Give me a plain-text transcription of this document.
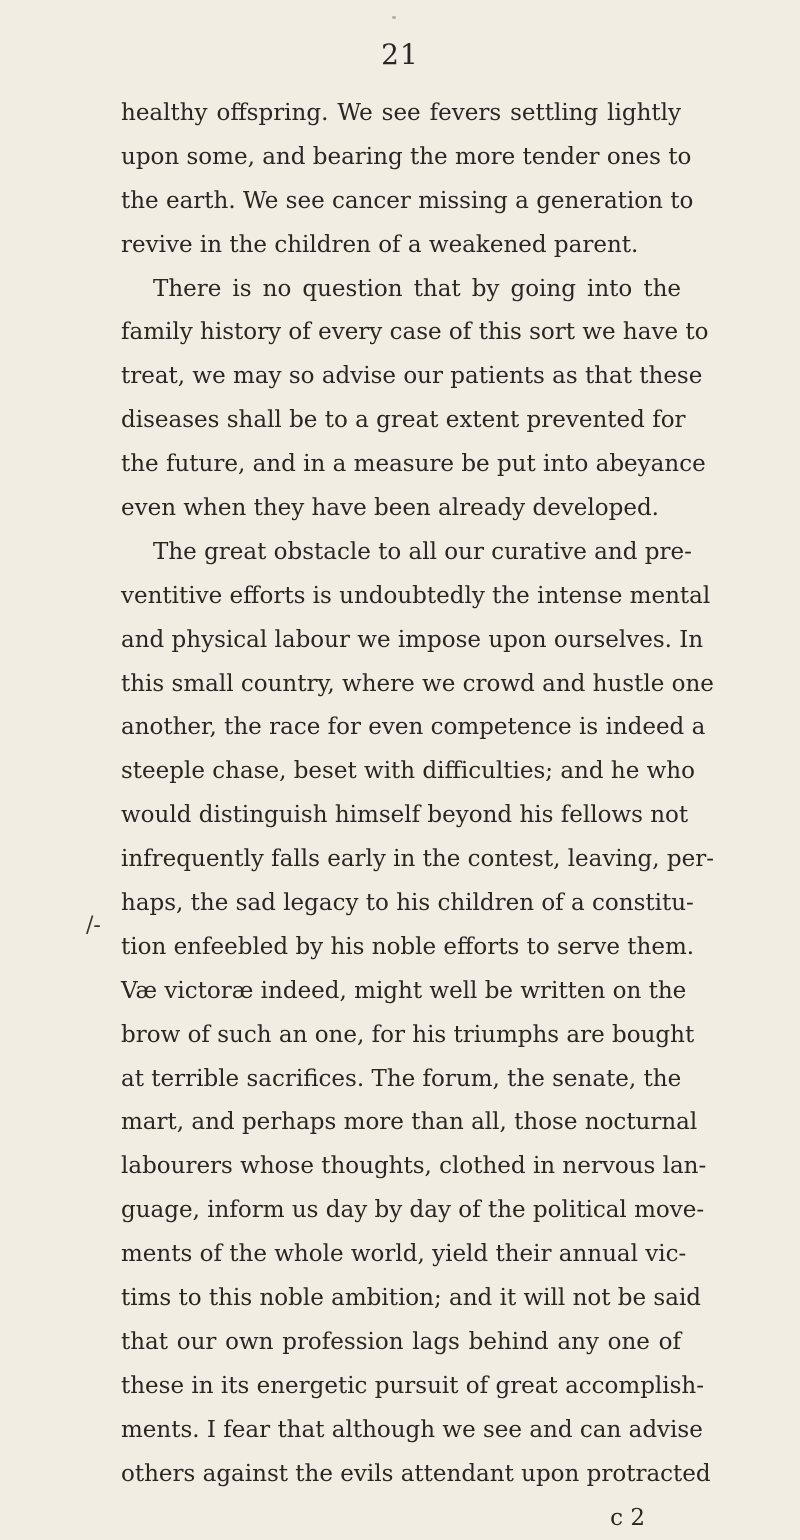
21
/-
healthy offspring. We see fevers settling lightly
upon some, and bearing the more tender ones to
the earth. We see cancer missing a generation to
revive in the children of a weakened parent.
There is no question that by going into the
family history of every case of this sort we have to
treat, we may so advise our patients as that these
diseases shall be to a great extent prevented for
the future, and in a measure be put into abeyance
even when they have been already developed.
The great obstacle to all our curative and pre-
ventitive efforts is undoubtedly the intense mental
and physical labour we impose upon ourselves. In
this small country, where we crowd and hustle one
another, the race for even competence is indeed a
steeple chase, beset with difficulties; and he who
would distinguish himself beyond his fellows not
infrequently falls early in the contest, leaving, per-
haps, the sad legacy to his children of a constitu-
tion enfeebled by his noble efforts to serve them.
Væ victoræ indeed, might well be written on the
brow of such an one, for his triumphs are bought
at terrible sacrifices. The forum, the senate, the
mart, and perhaps more than all, those nocturnal
labourers whose thoughts, clothed in nervous lan-
guage, inform us day by day of the political move-
ments of the whole world, yield their annual vic-
tims to this noble ambition; and it will not be said
that our own profession lags behind any one of
these in its energetic pursuit of great accomplish-
ments. I fear that although we see and can advise
others against the evils attendant upon protracted
c 2
